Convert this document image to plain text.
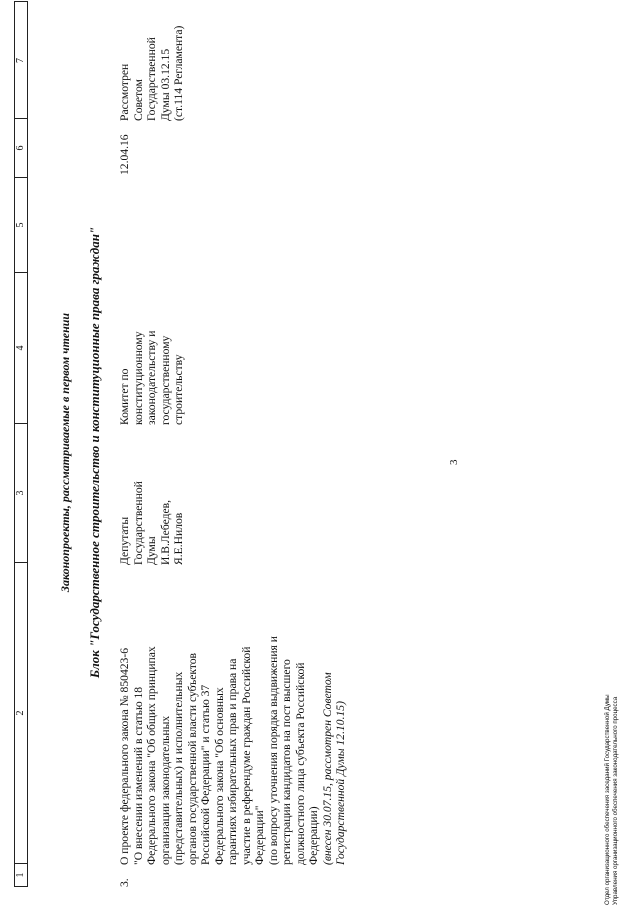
3
1
2
3
4
5
6
7
Законопроекты, рассматриваемые в первом чтении Блок "Государственное строительство и конституционные права граждан"
3.
О проекте федерального закона № 850423-6 "О внесении изменений в статью 18 Федерального закона "Об общих принципах организации законодательных (представительных) и исполнительных органов государственной власти субъектов Российской Федерации" и статью 37 Федерального закона "Об основных гарантиях избирательных прав и права на участие в референдуме граждан Российской Федерации" (по вопросу уточнения порядка выдвижения и регистрации кандидатов на пост высшего должностного лица субъекта Российской Федерации) (внесен 30.07.15, рассмотрен Советом Государственной Думы 12.10.15)
Депутаты Государственной Думы И.В.Лебедев, Я.Е.Нилов
Комитет по конституционному законодательству и государственному строительству
12.04.16
Рассмотрен Советом Государственной Думы 03.12.15 (ст.114 Регламента)
Отдел организационного обеспечения заседаний Государственной Думы Управления организационного обеспечения законодательного процесса
